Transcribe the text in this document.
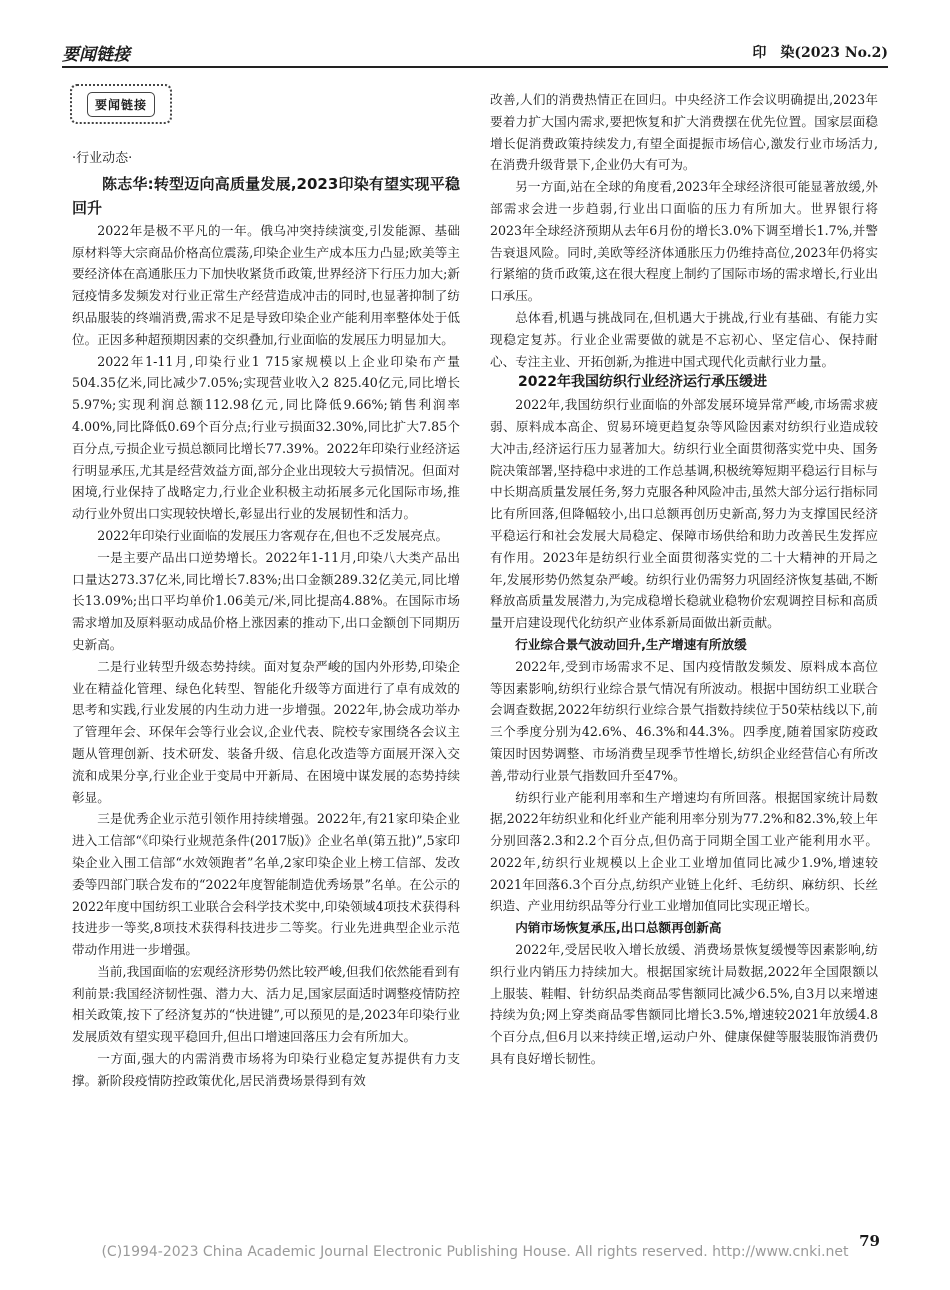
要闻链接	印　染(2023 No.2)
要闻链接
·行业动态·

陈志华:转型迈向高质量发展,2023印染有望实现平稳回升

2022年是极不平凡的一年。俄乌冲突持续演变,引发能源、基础原材料等大宗商品价格高位震荡,印染企业生产成本压力凸显;欧美等主要经济体在高通胀压力下加快收紧货币政策,世界经济下行压力加大;新冠疫情多发频发对行业正常生产经营造成冲击的同时,也显著抑制了纺织品服装的终端消费,需求不足是导致印染企业产能利用率整体处于低位。正因多种超预期因素的交织叠加,行业面临的发展压力明显加大。

2022年1-11月,印染行业1 715家规模以上企业印染布产量504.35亿米,同比减少7.05%;实现营业收入2 825.40亿元,同比增长5.97%;实现利润总额112.98亿元,同比降低9.66%;销售利润率4.00%,同比降低0.69个百分点;行业亏损面32.30%,同比扩大7.85个百分点,亏损企业亏损总额同比增长77.39%。2022年印染行业经济运行明显承压,尤其是经营效益方面,部分企业出现较大亏损情况。但面对困境,行业保持了战略定力,行业企业积极主动拓展多元化国际市场,推动行业外贸出口实现较快增长,彰显出行业的发展韧性和活力。

2022年印染行业面临的发展压力客观存在,但也不乏发展亮点。

一是主要产品出口逆势增长。2022年1-11月,印染八大类产品出口量达273.37亿米,同比增长7.83%;出口金额289.32亿美元,同比增长13.09%;出口平均单价1.06美元/米,同比提高4.88%。在国际市场需求增加及原料驱动成品价格上涨因素的推动下,出口金额创下同期历史新高。

二是行业转型升级态势持续。面对复杂严峻的国内外形势,印染企业在精益化管理、绿色化转型、智能化升级等方面进行了卓有成效的思考和实践,行业发展的内生动力进一步增强。2022年,协会成功举办了管理年会、环保年会等行业会议,企业代表、院校专家围绕各会议主题从管理创新、技术研发、装备升级、信息化改造等方面展开深入交流和成果分享,行业企业于变局中开新局、在困境中谋发展的态势持续彰显。

三是优秀企业示范引领作用持续增强。2022年,有21家印染企业进入工信部“《印染行业规范条件(2017版)》企业名单(第五批)”,5家印染企业入围工信部“水效领跑者”名单,2家印染企业上榜工信部、发改委等四部门联合发布的“2022年度智能制造优秀场景”名单。在公示的2022年度中国纺织工业联合会科学技术奖中,印染领域4项技术获得科技进步一等奖,8项技术获得科技进步二等奖。行业先进典型企业示范带动作用进一步增强。

当前,我国面临的宏观经济形势仍然比较严峻,但我们依然能看到有利前景:我国经济韧性强、潜力大、活力足,国家层面适时调整疫情防控相关政策,按下了经济复苏的“快进键”,可以预见的是,2023年印染行业发展质效有望实现平稳回升,但出口增速回落压力会有所加大。

一方面,强大的内需消费市场将为印染行业稳定复苏提供有力支撑。新阶段疫情防控政策优化,居民消费场景得到有效

改善,人们的消费热情正在回归。中央经济工作会议明确提出,2023年要着力扩大国内需求,要把恢复和扩大消费摆在优先位置。国家层面稳增长促消费政策持续发力,有望全面提振市场信心,激发行业市场活力,在消费升级背景下,企业仍大有可为。

另一方面,站在全球的角度看,2023年全球经济很可能显著放缓,外部需求会进一步趋弱,行业出口面临的压力有所加大。世界银行将2023年全球经济预期从去年6月份的增长3.0%下调至增长1.7%,并警告衰退风险。同时,美欧等经济体通胀压力仍维持高位,2023年仍将实行紧缩的货币政策,这在很大程度上制约了国际市场的需求增长,行业出口承压。

总体看,机遇与挑战同在,但机遇大于挑战,行业有基础、有能力实现稳定复苏。行业企业需要做的就是不忘初心、坚定信心、保持耐心、专注主业、开拓创新,为推进中国式现代化贡献行业力量。

2022年我国纺织行业经济运行承压缓进

2022年,我国纺织行业面临的外部发展环境异常严峻,市场需求疲弱、原料成本高企、贸易环境更趋复杂等风险因素对纺织行业造成较大冲击,经济运行压力显著加大。纺织行业全面贯彻落实党中央、国务院决策部署,坚持稳中求进的工作总基调,积极统筹短期平稳运行目标与中长期高质量发展任务,努力克服各种风险冲击,虽然大部分运行指标同比有所回落,但降幅较小,出口总额再创历史新高,努力为支撑国民经济平稳运行和社会发展大局稳定、保障市场供给和助力改善民生发挥应有作用。2023年是纺织行业全面贯彻落实党的二十大精神的开局之年,发展形势仍然复杂严峻。纺织行业仍需努力巩固经济恢复基础,不断释放高质量发展潜力,为完成稳增长稳就业稳物价宏观调控目标和高质量开启建设现代化纺织产业体系新局面做出新贡献。

行业综合景气波动回升,生产增速有所放缓

2022年,受到市场需求不足、国内疫情散发频发、原料成本高位等因素影响,纺织行业综合景气情况有所波动。根据中国纺织工业联合会调查数据,2022年纺织行业综合景气指数持续位于50荣枯线以下,前三个季度分别为42.6%、46.3%和44.3%。四季度,随着国家防疫政策因时因势调整、市场消费呈现季节性增长,纺织企业经营信心有所改善,带动行业景气指数回升至47%。

纺织行业产能利用率和生产增速均有所回落。根据国家统计局数据,2022年纺织业和化纤业产能利用率分别为77.2%和82.3%,较上年分别回落2.3和2.2个百分点,但仍高于同期全国工业产能利用水平。2022年,纺织行业规模以上企业工业增加值同比减少1.9%,增速较2021年回落6.3个百分点,纺织产业链上化纤、毛纺织、麻纺织、长丝织造、产业用纺织品等分行业工业增加值同比实现正增长。

内销市场恢复承压,出口总额再创新高

2022年,受居民收入增长放缓、消费场景恢复缓慢等因素影响,纺织行业内销压力持续加大。根据国家统计局数据,2022年全国限额以上服装、鞋帽、针纺织品类商品零售额同比减少6.5%,自3月以来增速持续为负;网上穿类商品零售额同比增长3.5%,增速较2021年放缓4.8个百分点,但6月以来持续正增,运动户外、健康保健等服装服饰消费仍具有良好增长韧性。

79
(C)1994-2023 China Academic Journal Electronic Publishing House. All rights reserved. http://www.cnki.net
